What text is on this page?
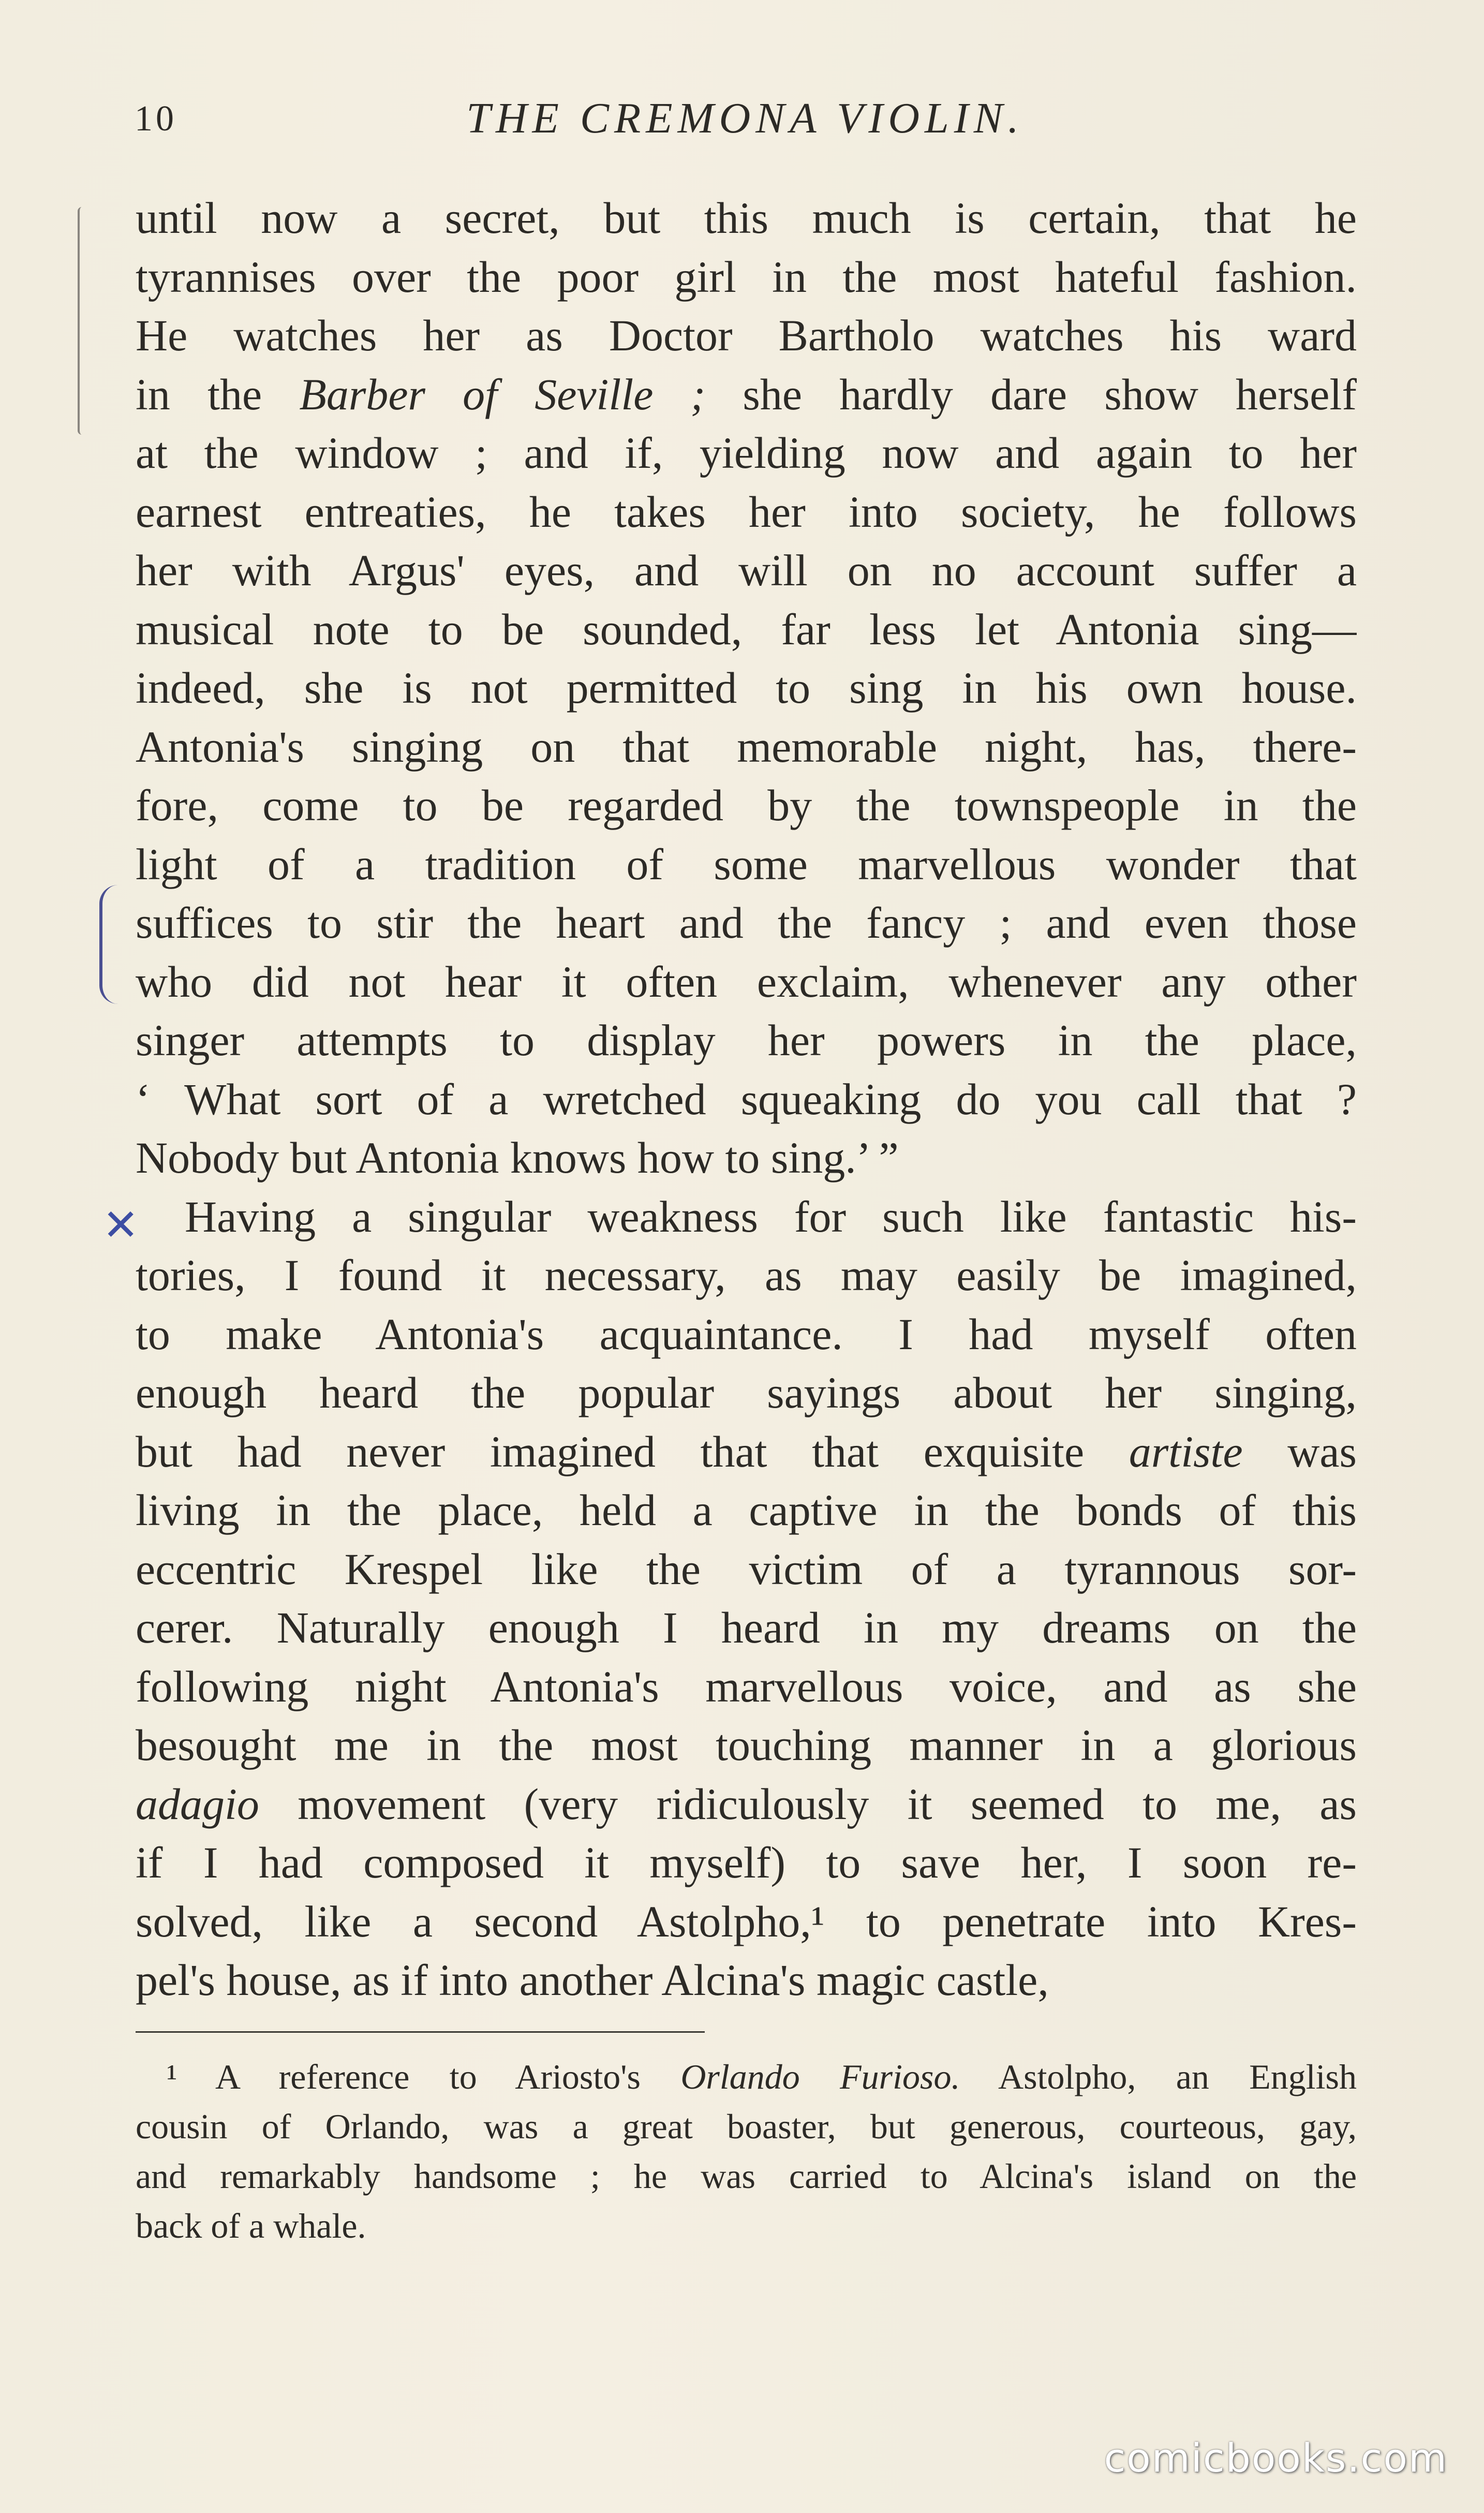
10	THE CREMONA VIOLIN.
✕
until now a secret, but this much is certain, that he
tyrannises over the poor girl in the most hateful fashion.
He watches her as Doctor Bartholo watches his ward
in the Barber of Seville ; she hardly dare show herself
at the window ; and if, yielding now and again to her
earnest entreaties, he takes her into society, he follows
her with Argus' eyes, and will on no account suffer a
musical note to be sounded, far less let Antonia sing—
indeed, she is not permitted to sing in his own house.
Antonia's singing on that memorable night, has, there-
fore, come to be regarded by the townspeople in the
light of a tradition of some marvellous wonder that
suffices to stir the heart and the fancy ; and even those
who did not hear it often exclaim, whenever any other
singer attempts to display her powers in the place,
‘ What sort of a wretched squeaking do you call that ?
Nobody but Antonia knows how to sing.’ ”
Having a singular weakness for such like fantastic his-
tories, I found it necessary, as may easily be imagined,
to make Antonia's acquaintance. I had myself often
enough heard the popular sayings about her singing,
but had never imagined that that exquisite artiste was
living in the place, held a captive in the bonds of this
eccentric Krespel like the victim of a tyrannous sor-
cerer. Naturally enough I heard in my dreams on the
following night Antonia's marvellous voice, and as she
besought me in the most touching manner in a glorious
adagio movement (very ridiculously it seemed to me, as
if I had composed it myself) to save her, I soon re-
solved, like a second Astolpho,¹ to penetrate into Kres-
pel's house, as if into another Alcina's magic castle,
¹ A reference to Ariosto's Orlando Furioso. Astolpho, an English
cousin of Orlando, was a great boaster, but generous, courteous, gay,
and remarkably handsome ; he was carried to Alcina's island on the
back of a whale.
comicbooks.com
